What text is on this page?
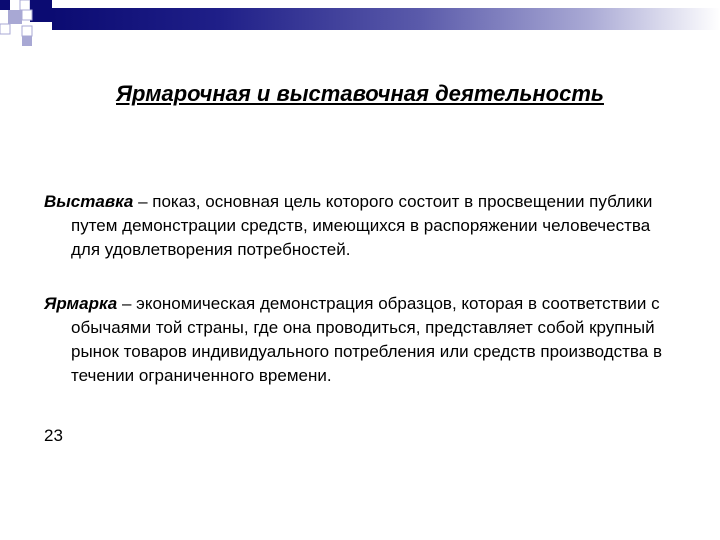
Ярмарочная и выставочная деятельность

Выставка – показ, основная цель которого состоит в просвещении публики путем демонстрации средств, имеющихся в распоряжении человечества для удовлетворения потребностей.

Ярмарка – экономическая демонстрация образцов, которая в соответствии с обычаями той страны, где она проводиться, представляет собой крупный рынок товаров индивидуального потребления или средств производства в течении ограниченного времени.

23
